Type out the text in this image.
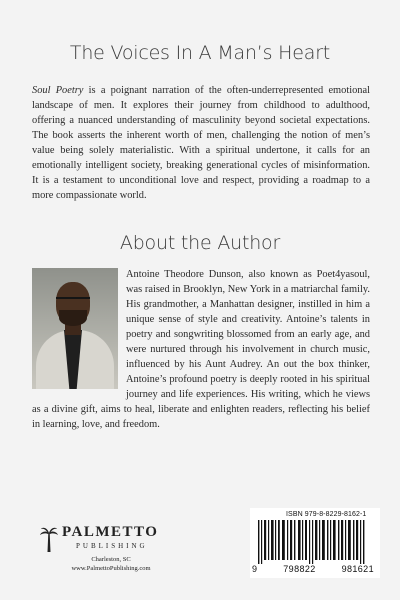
The Voices In A Man’s Heart

Soul Poetry is a poignant narration of the often-underrepresented emotional landscape of men. It explores their journey from childhood to adulthood, offering a nuanced understanding of masculinity beyond societal expectations. The book asserts the inherent worth of men, challenging the notion of men’s value being solely materialistic. With a spiritual undertone, it calls for an emotionally intelligent society, breaking generational cycles of misinformation. It is a testament to unconditional love and respect, providing a roadmap to a more compassionate world.

About the Author

Antoine Theodore Dunson, also known as Poet4yasoul, was raised in Brooklyn, New York in a matriarchal family. His grandmother, a Manhattan designer, instilled in him a unique sense of style and creativity. Antoine’s talents in poetry and songwriting blossomed from an early age, and were nurtured through his involvement in church music, influenced by his Aunt Audrey. An out the box thinker, Antoine’s profound poetry is deeply rooted in his spiritual journey and life experiences. His writing, which he views as a divine gift, aims to heal, liberate and enlighten readers, reflecting his belief in learning, love, and freedom.

PALMETTO
PUBLISHING
Charleston, SC
www.PalmettoPublishing.com
ISBN 979-8-8229-8162-1
9	798822	981621
